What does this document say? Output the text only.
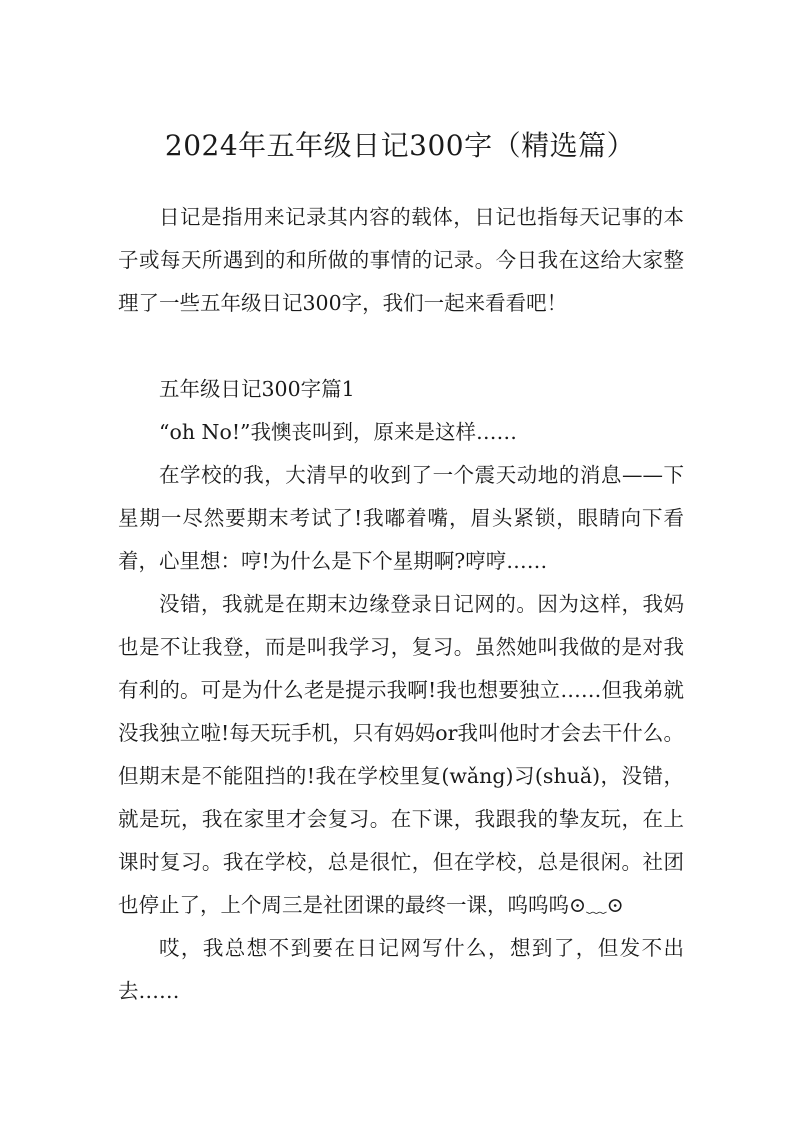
2024年五年级日记300字（精选篇）

日记是指用来记录其内容的载体，日记也指每天记事的本子或每天所遇到的和所做的事情的记录。今日我在这给大家整理了一些五年级日记300字，我们一起来看看吧！

五年级日记300字篇1

“oh No!”我懊丧叫到，原来是这样……

在学校的我，大清早的收到了一个震天动地的消息——下星期一尽然要期末考试了!我嘟着嘴，眉头紧锁，眼睛向下看着，心里想：哼!为什么是下个星期啊?哼哼……

没错，我就是在期末边缘登录日记网的。因为这样，我妈也是不让我登，而是叫我学习，复习。虽然她叫我做的是对我有利的。可是为什么老是提示我啊!我也想要独立……但我弟就没我独立啦!每天玩手机，只有妈妈or我叫他时才会去干什么。但期末是不能阻挡的!我在学校里复(wǎng)习(shuǎ)，没错，就是玩，我在家里才会复习。在下课，我跟我的挚友玩，在上课时复习。我在学校，总是很忙，但在学校，总是很闲。社团也停止了，上个周三是社团课的最终一课，呜呜呜⊙﹏⊙

哎，我总想不到要在日记网写什么，想到了，但发不出去……
